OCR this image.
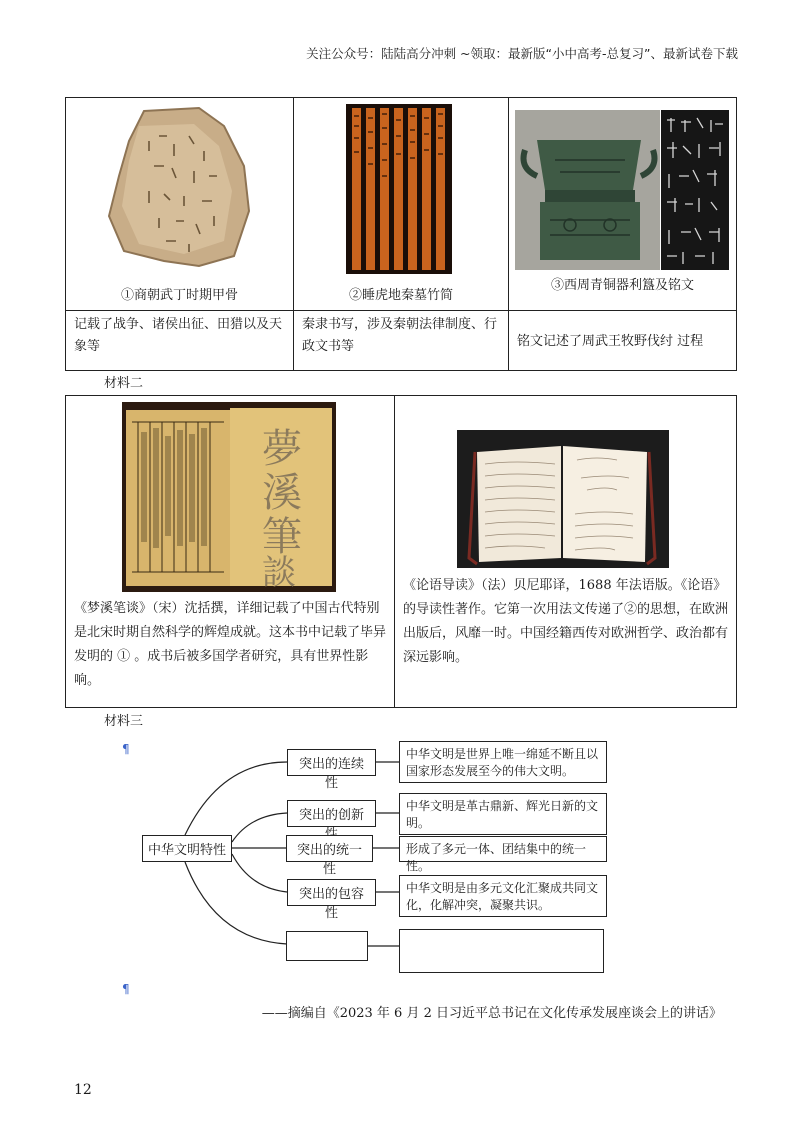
关注公众号：陆陆高分冲刺 ~领取：最新版“小中高考-总复习”、最新试卷下载
①商朝武丁时期甲骨	②睡虎地秦墓竹简	③西周青铜器利簋及铭文

记载了战争、诸侯出征、田猎以及天象等	秦隶书写，涉及秦朝法律制度、行政文书等	铭文记述了周武王牧野伐纣 过程
材料二
夢
溪
筆
談
《梦溪笔谈》（宋）沈括撰，详细记载了中国古代特别是北宋时期自然科学的辉煌成就。这本书中记载了毕异发明的 ① 。成书后被多国学者研究，具有世界性影响。

《论语导读》（法）贝尼耶译，1688 年法语版。《论语》的导读性著作。它第一次用法文传递了②的思想，在欧洲出版后，风靡一时。中国经籍西传对欧洲哲学、政治都有深远影响。
材料三
¶
中华文明特性
突出的连续性
中华文明是世界上唯一绵延不断且以国家形态发展至今的伟大文明。
突出的创新
中华文明是革古鼎新、辉光日新的文明。
突出的统一性
形成了多元一体、团结集中的统一性。
突出的包容性
中华文明是由多元文化汇聚成共同文化，化解冲突，凝聚共识。
¶
——摘编自《2023 年 6 月 2 日习近平总书记在文化传承发展座谈会上的讲话》
12
